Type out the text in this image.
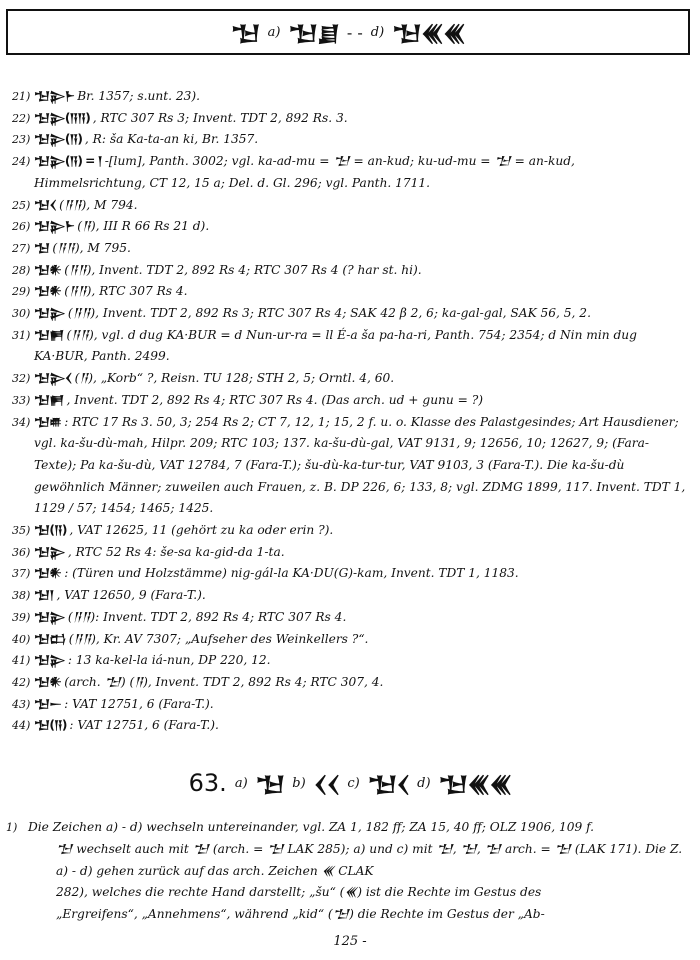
𒈠 a) 𒈠𒋗 - - d) 𒈠𒌍𒌍
21) 𒈠𒉌𒈨 Br. 1357; s.unt. 23).
22) 𒈠𒉌(𒀀𒀀) , RTC 307 Rs 3; Invent. TDT 2, 892 Rs. 3.
23) 𒈠𒉌(𒀀) , R: ša Ka-ta-an ki, Br. 1357.
24) 𒈠𒉌(𒀀) = 𒁹 -[lum], Panth. 3002; vgl. ka-ad-mu = 𒈠 = an-kud; ku-ud-mu = 𒈠 = an-kud, Himmelsrichtung, CT 12, 15 a; Del. d. Gl. 296; vgl. Panth. 1711.
25) 𒈠𒌋 (𒀀𒀀), M 794.
26) 𒈠𒉌𒈨 (𒀀), III R 66 Rs 21 d).
27) 𒈠 (𒀀𒀀), M 795.
28) 𒈠𒀭 (𒀀𒀀), Invent. TDT 2, 892 Rs 4; RTC 307 Rs 4 (? har st. hi).
29) 𒈠𒀭 (𒀀𒀀), RTC 307 Rs 4.
30) 𒈠𒉌 (𒀀𒀀), Invent. TDT 2, 892 Rs 3; RTC 307 Rs 4; SAK 42 β 2, 6; ka-gal-gal, SAK 56, 5, 2.
31) 𒈠𒂍 (𒀀𒀀), vgl. d dug KA·BUR = d Nun-ur-ra = ll É-a ša pa-ha-ri, Panth. 754; 2354; d Nin min dug KA·BUR, Panth. 2499.
32) 𒈠𒉌𒌋 (𒀀), „Korb“ ?, Reisn. TU 128; STH 2, 5; Orntl. 4, 60.
33) 𒈠𒂍 , Invent. TDT 2, 892 Rs 4; RTC 307 Rs 4. (Das arch. ud + gunu = ?)
34) 𒈠𒌑 : RTC 17 Rs 3. 50, 3; 254 Rs 2; CT 7, 12, 1; 15, 2 f. u. o. Klasse des Palastgesindes; Art Hausdiener; vgl. ka-šu-dù-mah, Hilpr. 209; RTC 103; 137. ka-šu-dù-gal, VAT 9131, 9; 12656, 10; 12627, 9; (Fara-Texte); Pa ka-šu-dù, VAT 12784, 7 (Fara-T.); šu-dù-ka-tur-tur, VAT 9103, 3 (Fara-T.). Die ka-šu-dù gewöhnlich Männer; zuweilen auch Frauen, z. B. DP 226, 6; 133, 8; vgl. ZDMG 1899, 117. Invent. TDT 1, 1129 / 57; 1454; 1465; 1425.
35) 𒈠(𒀀) , VAT 12625, 11 (gehört zu ka oder erin ?).
36) 𒈠𒉌 , RTC 52 Rs 4: še-sa ka-gid-da 1-ta.
37) 𒈠𒀭 : (Türen und Holzstämme) nig-gál-la KA·DU(G)-kam, Invent. TDT 1, 1183.
38) 𒈠𒁹 , VAT 12650, 9 (Fara-T.).
39) 𒈠𒉌 (𒀀𒀀): Invent. TDT 2, 892 Rs 4; RTC 307 Rs 4.
40) 𒈠𒆗 (𒀀𒀀), Kr. AV 7307; „Aufseher des Weinkellers ?“.
41) 𒈠𒉌 : 13 ka-kel-la iá-nun, DP 220, 12.
42) 𒈠𒀭 (arch. 𒈠) (𒀀), Invent. TDT 2, 892 Rs 4; RTC 307, 4.
43) 𒈠𒀸 : VAT 12751, 6 (Fara-T.).
44) 𒈠(𒀀) : VAT 12751, 6 (Fara-T.).
63. a) 𒈠 b) 𒌋𒌋 c) 𒈠𒌋 d) 𒈠𒌍𒌍
1) Die Zeichen a) - d) wechseln untereinander, vgl. ZA 1, 182 ff; ZA 15, 40 ff; OLZ 1906, 109 f.
𒈠 wechselt auch mit 𒈠 (arch. = 𒈠 LAK 285); a) und c) mit 𒈠, 𒈠, 𒈠 arch. = 𒈠 (LAK 171). Die Z. a) - d) gehen zurück auf das arch. Zeichen 𒌍 CLAK
282), welches die rechte Hand darstellt; „šu“ (𒌍) ist die Rechte im Gestus des
„Ergreifens“, „Annehmens“, während „kid“ (𒈠) die Rechte im Gestus der „Ab-
125 -
